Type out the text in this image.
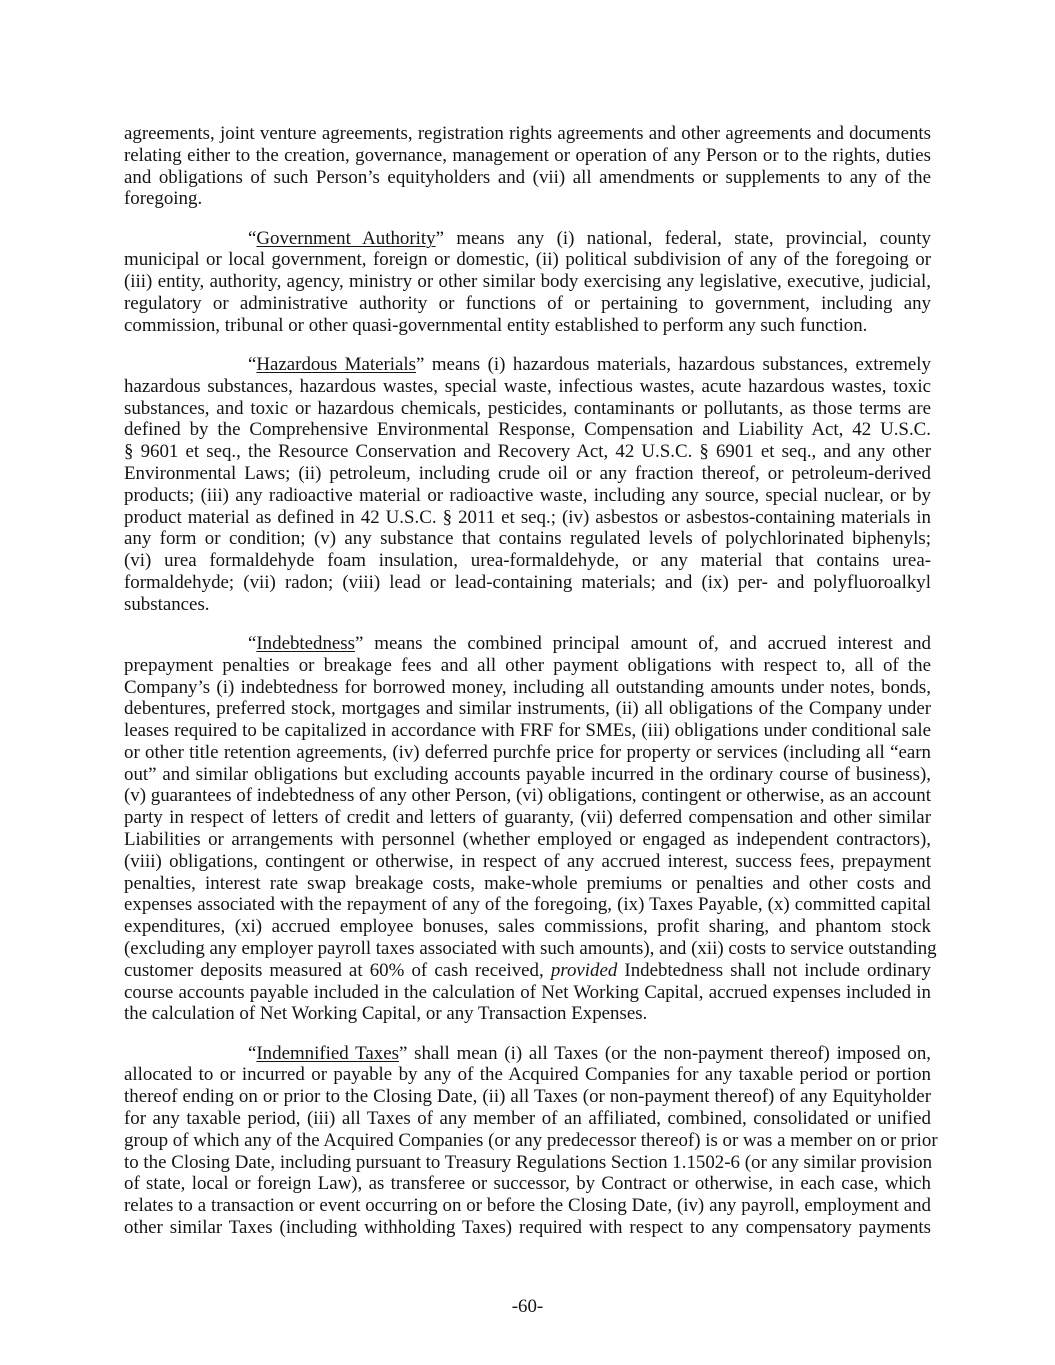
agreements, joint venture agreements, registration rights agreements and other agreements and documents
relating either to the creation, governance, management or operation of any Person or to the rights, duties
and obligations of such Person’s equityholders and (vii) all amendments or supplements to any of the
foregoing.
“Government Authority” means any (i) national, federal, state, provincial, county
municipal or local government, foreign or domestic, (ii) political subdivision of any of the foregoing or
(iii) entity, authority, agency, ministry or other similar body exercising any legislative, executive, judicial,
regulatory or administrative authority or functions of or pertaining to government, including any
commission, tribunal or other quasi-governmental entity established to perform any such function.
“Hazardous Materials” means (i) hazardous materials, hazardous substances, extremely
hazardous substances, hazardous wastes, special waste, infectious wastes, acute hazardous wastes, toxic
substances, and toxic or hazardous chemicals, pesticides, contaminants or pollutants, as those terms are
defined by the Comprehensive Environmental Response, Compensation and Liability Act, 42 U.S.C.
§ 9601 et seq., the Resource Conservation and Recovery Act, 42 U.S.C. § 6901 et seq., and any other
Environmental Laws; (ii) petroleum, including crude oil or any fraction thereof, or petroleum-derived
products; (iii) any radioactive material or radioactive waste, including any source, special nuclear, or by
product material as defined in 42 U.S.C. § 2011 et seq.; (iv) asbestos or asbestos-containing materials in
any form or condition; (v) any substance that contains regulated levels of polychlorinated biphenyls;
(vi) urea formaldehyde foam insulation, urea-formaldehyde, or any material that contains urea-
formaldehyde; (vii) radon; (viii) lead or lead-containing materials; and (ix) per- and polyfluoroalkyl
substances.
“Indebtedness” means the combined principal amount of, and accrued interest and
prepayment penalties or breakage fees and all other payment obligations with respect to, all of the
Company’s (i) indebtedness for borrowed money, including all outstanding amounts under notes, bonds,
debentures, preferred stock, mortgages and similar instruments, (ii) all obligations of the Company under
leases required to be capitalized in accordance with FRF for SMEs, (iii) obligations under conditional sale
or other title retention agreements, (iv) deferred purchfe price for property or services (including all “earn
out” and similar obligations but excluding accounts payable incurred in the ordinary course of business),
(v) guarantees of indebtedness of any other Person, (vi) obligations, contingent or otherwise, as an account
party in respect of letters of credit and letters of guaranty, (vii) deferred compensation and other similar
Liabilities or arrangements with personnel (whether employed or engaged as independent contractors),
(viii) obligations, contingent or otherwise, in respect of any accrued interest, success fees, prepayment
penalties, interest rate swap breakage costs, make-whole premiums or penalties and other costs and
expenses associated with the repayment of any of the foregoing, (ix) Taxes Payable, (x) committed capital
expenditures, (xi) accrued employee bonuses, sales commissions, profit sharing, and phantom stock
(excluding any employer payroll taxes associated with such amounts), and (xii) costs to service outstanding
customer deposits measured at 60% of cash received, provided Indebtedness shall not include ordinary
course accounts payable included in the calculation of Net Working Capital, accrued expenses included in
the calculation of Net Working Capital, or any Transaction Expenses.
“Indemnified Taxes” shall mean (i) all Taxes (or the non-payment thereof) imposed on,
allocated to or incurred or payable by any of the Acquired Companies for any taxable period or portion
thereof ending on or prior to the Closing Date, (ii) all Taxes (or non-payment thereof) of any Equityholder
for any taxable period, (iii) all Taxes of any member of an affiliated, combined, consolidated or unified
group of which any of the Acquired Companies (or any predecessor thereof) is or was a member on or prior
to the Closing Date, including pursuant to Treasury Regulations Section 1.1502-6 (or any similar provision
of state, local or foreign Law), as transferee or successor, by Contract or otherwise, in each case, which
relates to a transaction or event occurring on or before the Closing Date, (iv) any payroll, employment and
other similar Taxes (including withholding Taxes) required with respect to any compensatory payments
-60-
